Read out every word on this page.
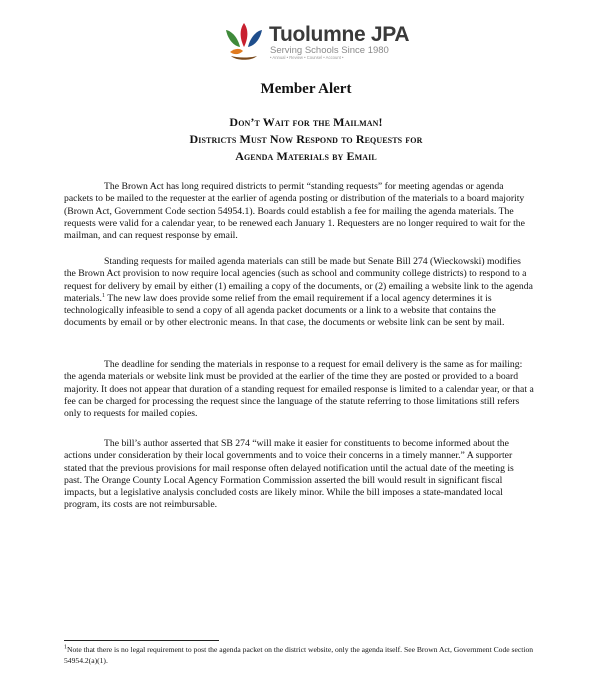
Tuolumne JPA
Serving Schools Since 1980
• Annual • Review • Counsel • Account •
Member Alert
Don’t Wait for the Mailman!
Districts Must Now Respond to Requests for
Agenda Materials by Email

The Brown Act has long required districts to permit “standing requests” for meeting agendas or agenda packets to be mailed to the requester at the earlier of agenda posting or distribution of the materials to a board majority (Brown Act, Government Code section 54954.1). Boards could establish a fee for mailing the agenda materials. The requests were valid for a calendar year, to be renewed each January 1. Requesters are no longer required to wait for the mailman, and can request response by email.

Standing requests for mailed agenda materials can still be made but Senate Bill 274 (Wieckowski) modifies the Brown Act provision to now require local agencies (such as school and community college districts) to respond to a request for delivery by email by either (1) emailing a copy of the documents, or (2) emailing a website link to the agenda materials.$^1$ The new law does provide some relief from the email requirement if a local agency determines it is technologically infeasible to send a copy of all agenda packet documents or a link to a website that contains the documents by email or by other electronic means. In that case, the documents or website link can be sent by mail.

The deadline for sending the materials in response to a request for email delivery is the same as for mailing: the agenda materials or website link must be provided at the earlier of the time they are posted or provided to a board majority. It does not appear that duration of a standing request for emailed response is limited to a calendar year, or that a fee can be charged for processing the request since the language of the statute referring to those limitations still refers only to requests for mailed copies.

The bill’s author asserted that SB 274 “will make it easier for constituents to become informed about the actions under consideration by their local governments and to voice their concerns in a timely manner.” A supporter stated that the previous provisions for mail response often delayed notification until the actual date of the meeting is past. The Orange County Local Agency Formation Commission asserted the bill would result in significant fiscal impacts, but a legislative analysis concluded costs are likely minor. While the bill imposes a state-mandated local program, its costs are not reimbursable.

$^1$Note that there is no legal requirement to post the agenda packet on the district website, only the agenda itself. See Brown Act, Government Code section 54954.2(a)(1).
